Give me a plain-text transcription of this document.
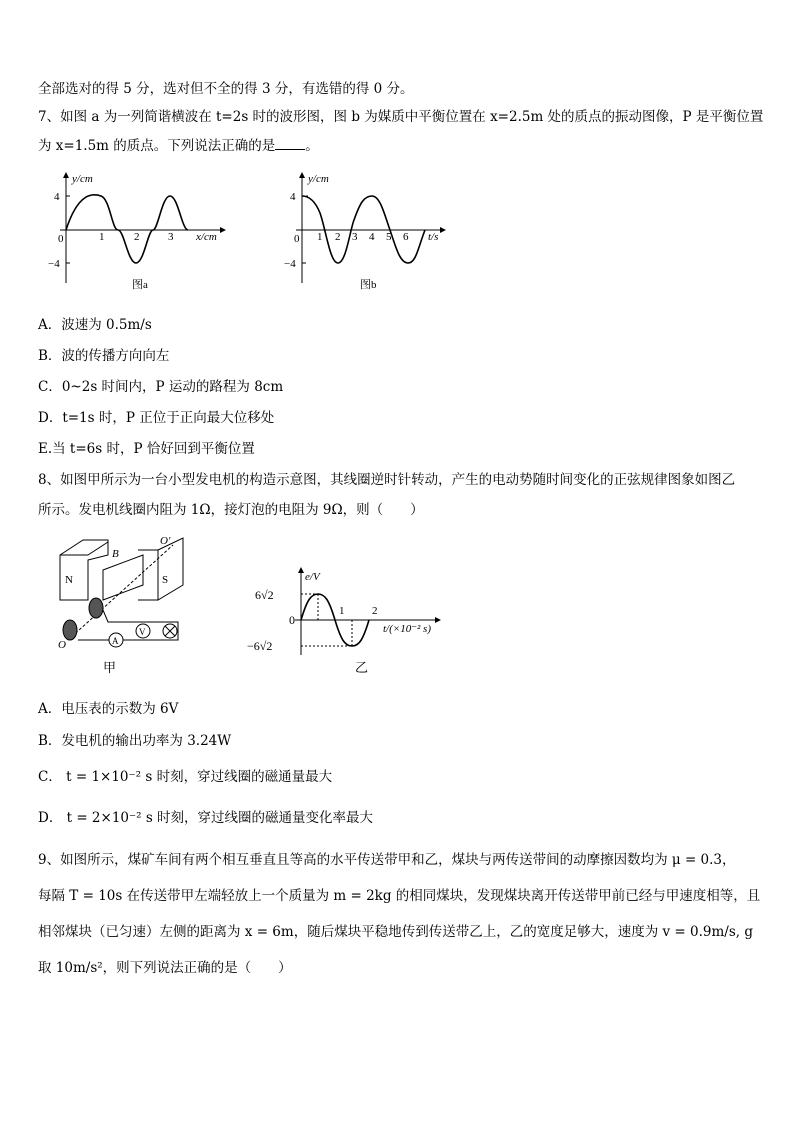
全部选对的得 5 分，选对但不全的得 3 分，有选错的得 0 分。
7、如图 a 为一列简谐横波在 t=2s 时的波形图，图 b 为媒质中平衡位置在 x=2.5m 处的质点的振动图像，P 是平衡位置
为 x=1.5m 的质点。下列说法正确的是 。
y/cm
4
−4
0	1	2	3 x/cm
图a
y/cm
4
−4
0 1 2 3 4 5 6 t/s
图b
A．波速为 0.5m/s
B．波的传播方向向左
C．0~2s 时间内，P 运动的路程为 8cm
D．t=1s 时，P 正位于正向最大位移处
E.当 t=6s 时，P 恰好回到平衡位置
8、如图甲所示为一台小型发电机的构造示意图，其线圈逆时针转动，产生的电动势随时间变化的正弦规律图象如图乙
所示。发电机线圈内阻为 1Ω，接灯泡的电阻为 9Ω，则（　　）
N	S
B
O′
O	A
V
甲
e/V
6√2
−6√2
0
1	2
t/(×10⁻² s)
乙
A．电压表的示数为 6V
B．发电机的输出功率为 3.24W
C． t = 1×10⁻² s 时刻，穿过线圈的磁通量最大
D． t = 2×10⁻² s 时刻，穿过线圈的磁通量变化率最大
9、如图所示，煤矿车间有两个相互垂直且等高的水平传送带甲和乙，煤块与两传送带间的动摩擦因数均为 μ = 0.3，
每隔 T = 10s 在传送带甲左端轻放上一个质量为 m = 2kg 的相同煤块，发现煤块离开传送带甲前已经与甲速度相等，且
相邻煤块（已匀速）左侧的距离为 x = 6m，随后煤块平稳地传到传送带乙上，乙的宽度足够大，速度为 v = 0.9m/s, g
取 10m/s²，则下列说法正确的是（　　）
